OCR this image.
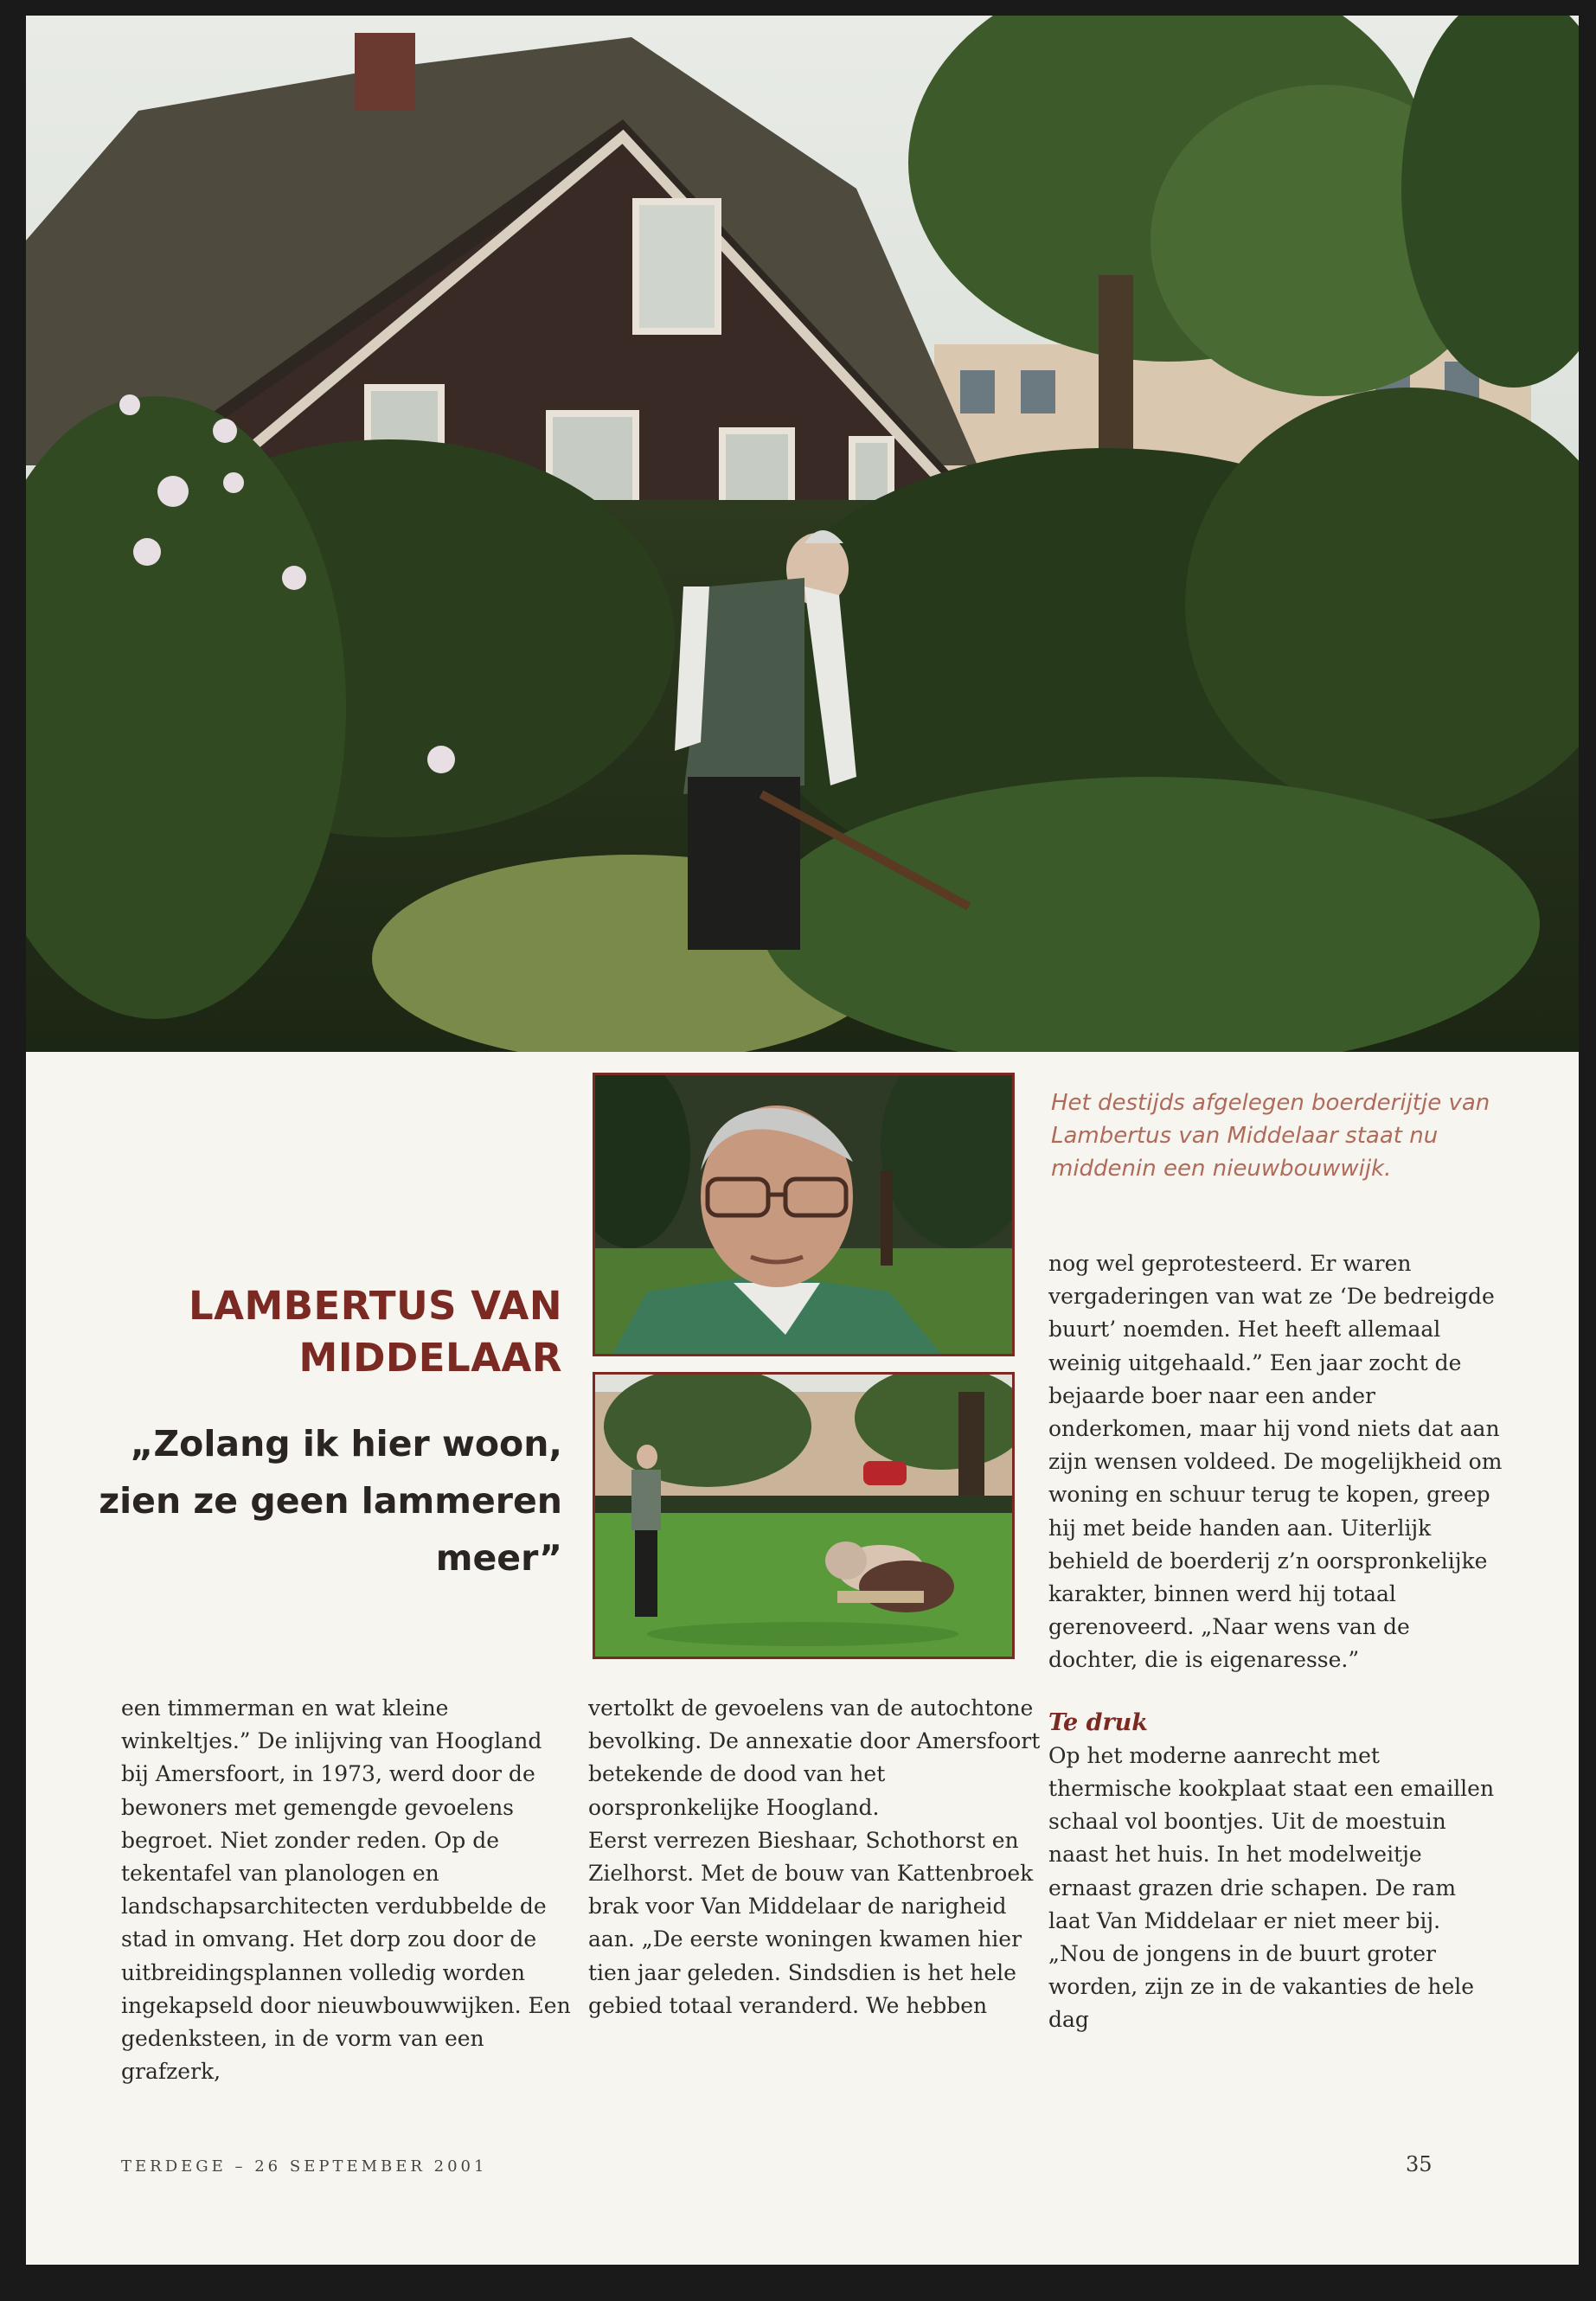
Het destijds afgelegen boerderijtje van Lambertus van Middelaar staat nu middenin een nieuwbouwwijk.
LAMBERTUS VAN MIDDELAAR
„Zolang ik hier woon, zien ze geen lammeren meer”

een timmerman en wat kleine winkeltjes.” De inlijving van Hoogland bij Amersfoort, in 1973, werd door de bewoners met gemengde gevoelens begroet. Niet zonder reden. Op de tekentafel van planologen en landschapsarchitecten verdubbelde de stad in omvang. Het dorp zou door de uitbreidingsplannen volledig worden ingekapseld door nieuwbouwwijken. Een gedenksteen, in de vorm van een grafzerk,

vertolkt de gevoelens van de autochtone bevolking. De annexatie door Amersfoort betekende de dood van het oorspronkelijke Hoogland.

Eerst verrezen Bieshaar, Schothorst en Zielhorst. Met de bouw van Kattenbroek brak voor Van Middelaar de narigheid aan. „De eerste woningen kwamen hier tien jaar geleden. Sindsdien is het hele gebied totaal veranderd. We hebben

nog wel geprotesteerd. Er waren vergaderingen van wat ze ‘De bedreigde buurt’ noemden. Het heeft allemaal weinig uitgehaald.” Een jaar zocht de bejaarde boer naar een ander onderkomen, maar hij vond niets dat aan zijn wensen voldeed. De mogelijkheid om woning en schuur terug te kopen, greep hij met beide handen aan. Uiterlijk behield de boerderij z’n oorspronkelijke karakter, binnen werd hij totaal gerenoveerd. „Naar wens van de dochter, die is eigenaresse.”

Te druk

Op het moderne aanrecht met thermische kookplaat staat een emaillen schaal vol boontjes. Uit de moestuin naast het huis. In het modelweitje ernaast grazen drie schapen. De ram laat Van Middelaar er niet meer bij. „Nou de jongens in de buurt groter worden, zijn ze in de vakanties de hele dag

TERDEGE – 26 SEPTEMBER 2001	35
